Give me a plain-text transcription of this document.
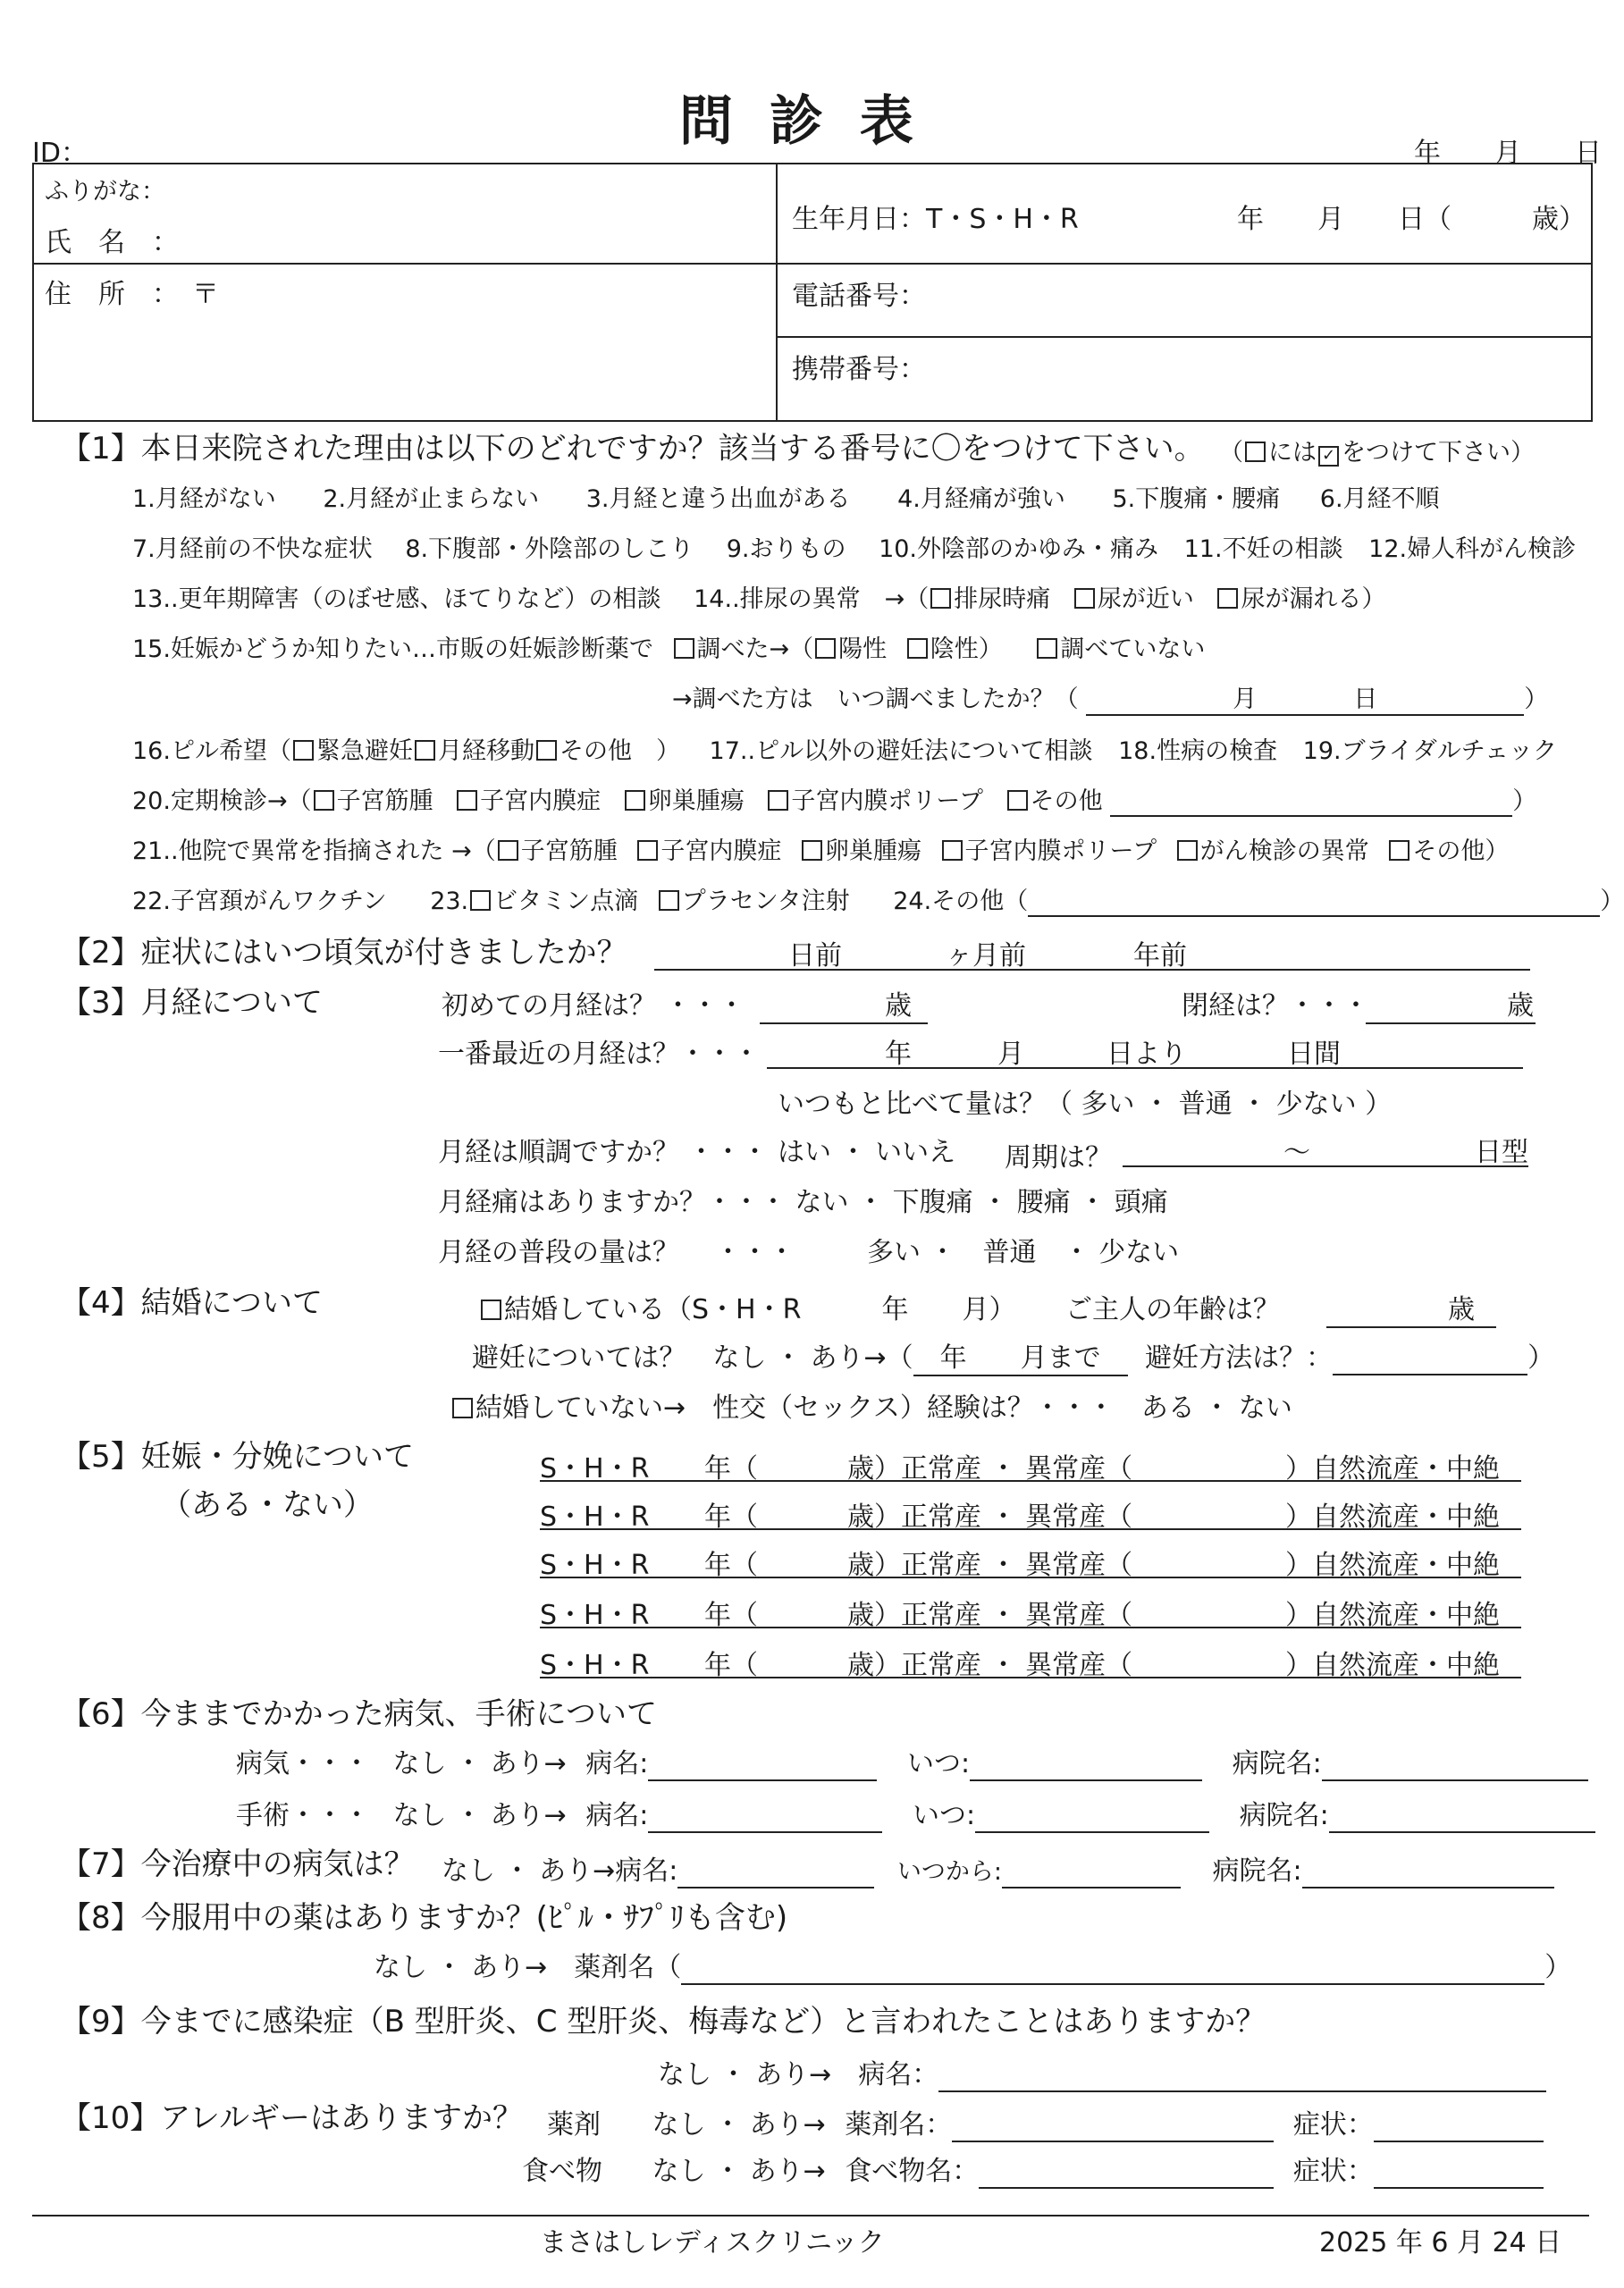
問 診 表
ID：	年　　月　　日
ふりがな：
氏　名　：
住　所　：　〒
生年月日：T・S・H・R	年　　月　　日（　　　歳）
電話番号：
携帯番号：
【1】本日来院された理由は以下のどれですか？該当する番号に〇をつけて下さい。 （ には✓ をつけて下さい）
1.月経がない 2.月経が止まらない 3.月経と違う出血がある 4.月経痛が強い 5.下腹痛・腰痛 6.月経不順
7.月経前の不快な症状 8.下腹部・外陰部のしこり 9.おりもの 10.外陰部のかゆみ・痛み 11.不妊の相談 12.婦人科がん検診
13..更年期障害（のぼせ感、ほてりなど）の相談 14..排尿の異常　→（ 排尿時痛 尿が近い 尿が漏れる）
15.妊娠かどうか知りたい…市販の妊娠診断薬で 調べた→（ 陽性 陰性） 調べていない
→調べた方は　いつ調べましたか？（	月　　　　日	）
16.ピル希望（ 緊急避妊 月経移動 その他　） 17..ピル以外の避妊法について相談 18.性病の検査 19.ブライダルチェック
20.定期検診→（ 子宮筋腫 子宮内膜症 卵巣腫瘍 子宮内膜ポリープ その他	）
21..他院で異常を指摘された →（ 子宮筋腫 子宮内膜症 卵巣腫瘍 子宮内膜ポリープ がん検診の異常 その他）
22.子宮頚がんワクチン 23. ビタミン点滴 プラセンタ注射 24.その他（	）
【2】症状にはいつ頃気が付きましたか？	日前	ヶ月前	年前
【3】月経について	初めての月経は？ ・・・	歳	閉経は？・・・	歳
一番最近の月経は？・・・	年	月	日より	日間
いつもと比べて量は？（ 多い ・ 普通 ・ 少ない ）
月経は順調ですか？ ・・・ はい ・ いいえ 周期は？	〜	日型
月経痛はありますか？・・・ ない ・ 下腹痛 ・ 腰痛 ・ 頭痛
月経の普段の量は？　 ・・・	多い ・　普通　・ 少ない
【4】結婚について	結婚している（S・H・R　　　年　　月） ご主人の年齢は？	歳
避妊については？　なし ・ あり→（ 年　　月まで 避妊方法は？：	）
結婚していない→　性交（セックス）経験は？・・・　ある ・ ない
【5】妊娠・分娩について
（ある・ない）
S・H・R 年（	歳）正常産 ・ 異常産（	）自然流産・中絶
S・H・R 年（	歳）正常産 ・ 異常産（	）自然流産・中絶
S・H・R 年（	歳）正常産 ・ 異常産（	）自然流産・中絶
S・H・R 年（	歳）正常産 ・ 異常産（	）自然流産・中絶
S・H・R 年（	歳）正常産 ・ 異常産（	）自然流産・中絶
【6】今ままでかかった病気、手術について
病気・・・ なし ・ あり→ 病名:	いつ:	病院名:
手術・・・ なし ・ あり→ 病名:	いつ:	病院名:
【7】今治療中の病気は？ なし ・ あり→病名:	いつから:	病院名:
【8】今服用中の薬はありますか？(ﾋﾟﾙ・ｻﾌﾟﾘも含む)
なし ・ あり→　薬剤名（	）
【9】今までに感染症（B 型肝炎、C 型肝炎、梅毒など）と言われたことはありますか？
なし ・ あり→　病名：
【10】アレルギーはありますか？ 薬剤 なし ・ あり→ 薬剤名：	症状：
食べ物 なし ・ あり→ 食べ物名：	症状：
まさはしレディスクリニック	2025 年 6 月 24 日
